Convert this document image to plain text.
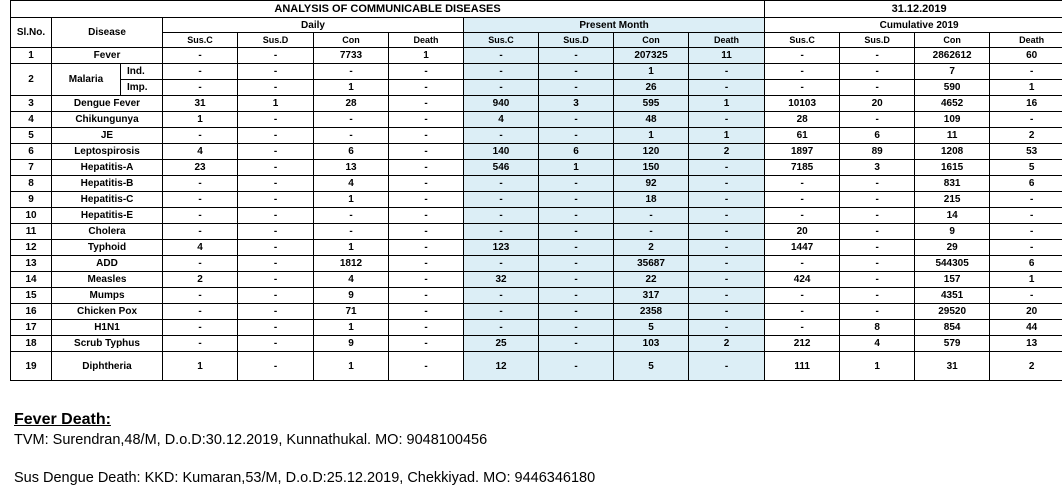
ANALYSIS OF COMMUNICABLE DISEASES											31.12.2019			
Sl.No.	Disease		Daily				Present Month				Cumulative 2019			
			Sus.C	Sus.D	Con	Death	Sus.C	Sus.D	Con	Death	Sus.C	Sus.D	Con	Death
1	Fever		-	-	7733	1	-	-	207325	11	-	-	2862612	60
2	Malaria	Ind.	-	-	-	-	-	-	1	-	-	-	7	-
		Imp.	-	-	1	-	-	-	26	-	-	-	590	1
3	Dengue Fever		31	1	28	-	940	3	595	1	10103	20	4652	16
4	Chikungunya		1	-	-	-	4	-	48	-	28	-	109	-
5	JE		-	-	-	-	-	-	1	1	61	6	11	2
6	Leptospirosis		4	-	6	-	140	6	120	2	1897	89	1208	53
7	Hepatitis-A		23	-	13	-	546	1	150	-	7185	3	1615	5
8	Hepatitis-B		-	-	4	-	-	-	92	-	-	-	831	6
9	Hepatitis-C		-	-	1	-	-	-	18	-	-	-	215	-
10	Hepatitis-E		-	-	-	-	-	-	-	-	-	-	14	-
11	Cholera		-	-	-	-	-	-	-	-	20	-	9	-
12	Typhoid		4	-	1	-	123	-	2	-	1447	-	29	-
13	ADD		-	-	1812	-	-	-	35687	-	-	-	544305	6
14	Measles		2	-	4	-	32	-	22	-	424	-	157	1
15	Mumps		-	-	9	-	-	-	317	-	-	-	4351	-
16	Chicken Pox		-	-	71	-	-	-	2358	-	-	-	29520	20
17	H1N1		-	-	1	-	-	-	5	-	-	8	854	44
18	Scrub Typhus		-	-	9	-	25	-	103	2	212	4	579	13
19	Diphtheria		1	-	1	-	12	-	5	-	111	1	31	2

Fever Death:

TVM: Surendran,48/M, D.o.D:30.12.2019, Kunnathukal. MO: 9048100456

Sus Dengue Death: KKD: Kumaran,53/M, D.o.D:25.12.2019, Chekkiyad. MO: 9446346180
